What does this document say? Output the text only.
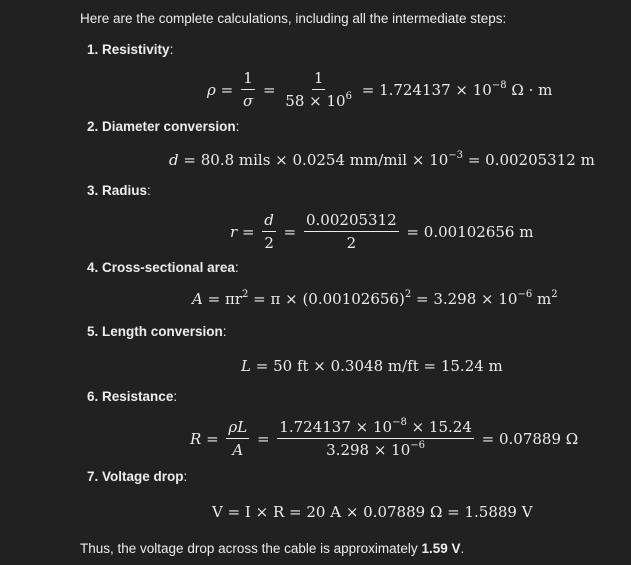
Here are the complete calculations, including all the intermediate steps:
1. Resistivity:
$\rho = \frac{1}{\sigma} = \frac{1}{58 \times 10^6} = 1.724137 \times 10^{-8}$ Ω · m
2. Diameter conversion:
d
= 80.8 mils × 0.0254 $mm/mil \times 10^{-3} = 0.00205312$ m
3. Radius:
$r = \frac{d}{2} = \frac{0.00205312}{2} = 0.00102656$ m
4. Cross-sectional area:
A
= $\pi r^2 = \pi \times (0.00102656)^2 = 3.298 \times 10^{-6}$ $m^2$
5. Length conversion:
L
= 50 ft × 0.3048 m/ft = 15.24 m
6. Resistance:
$R = \frac{\rho L}{A} = \frac{1.724137 \times 10^{-8} \times 15.24}{3.298 \times 10^{-6}} = 0.07889$ Ω
7. Voltage drop:
V = I × R = 20 A × 0.07889 Ω = 1.5889 V
Thus, the voltage drop across the cable is approximately 1.59 V.
